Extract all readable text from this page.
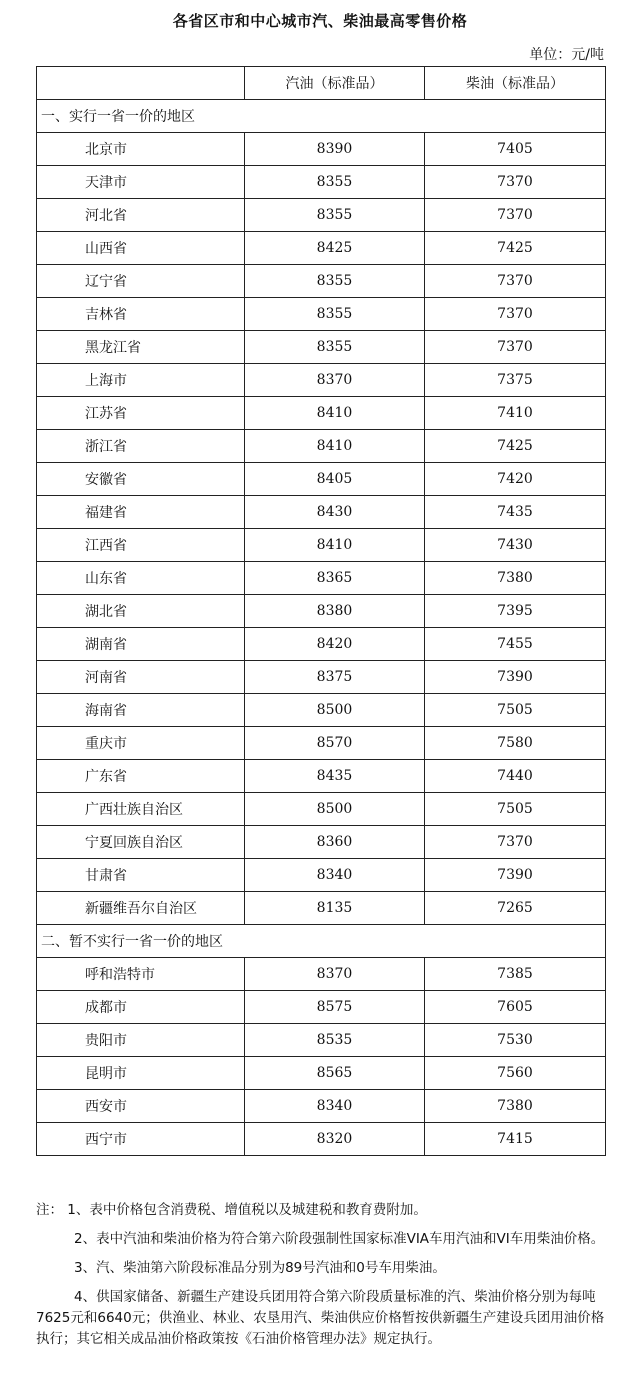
各省区市和中心城市汽、柴油最高零售价格
单位：元/吨
	汽油（标准品）	柴油（标准品）
一、实行一省一价的地区		
北京市	8390	7405
天津市	8355	7370
河北省	8355	7370
山西省	8425	7425
辽宁省	8355	7370
吉林省	8355	7370
黑龙江省	8355	7370
上海市	8370	7375
江苏省	8410	7410
浙江省	8410	7425
安徽省	8405	7420
福建省	8430	7435
江西省	8410	7430
山东省	8365	7380
湖北省	8380	7395
湖南省	8420	7455
河南省	8375	7390
海南省	8500	7505
重庆市	8570	7580
广东省	8435	7440
广西壮族自治区	8500	7505
宁夏回族自治区	8360	7370
甘肃省	8340	7390
新疆维吾尔自治区	8135	7265
二、暂不实行一省一价的地区		
呼和浩特市	8370	7385
成都市	8575	7605
贵阳市	8535	7530
昆明市	8565	7560
西安市	8340	7380
西宁市	8320	7415

注： 1、表中价格包含消费税、增值税以及城建税和教育费附加。

2、表中汽油和柴油价格为符合第六阶段强制性国家标准VIA车用汽油和VI车用柴油价格。

3、汽、柴油第六阶段标准品分别为89号汽油和0号车用柴油。

4、供国家储备、新疆生产建设兵团用符合第六阶段质量标准的汽、柴油价格分别为每吨7625元和6640元；供渔业、林业、农垦用汽、柴油供应价格暂按供新疆生产建设兵团用油价格执行；其它相关成品油价格政策按《石油价格管理办法》规定执行。
